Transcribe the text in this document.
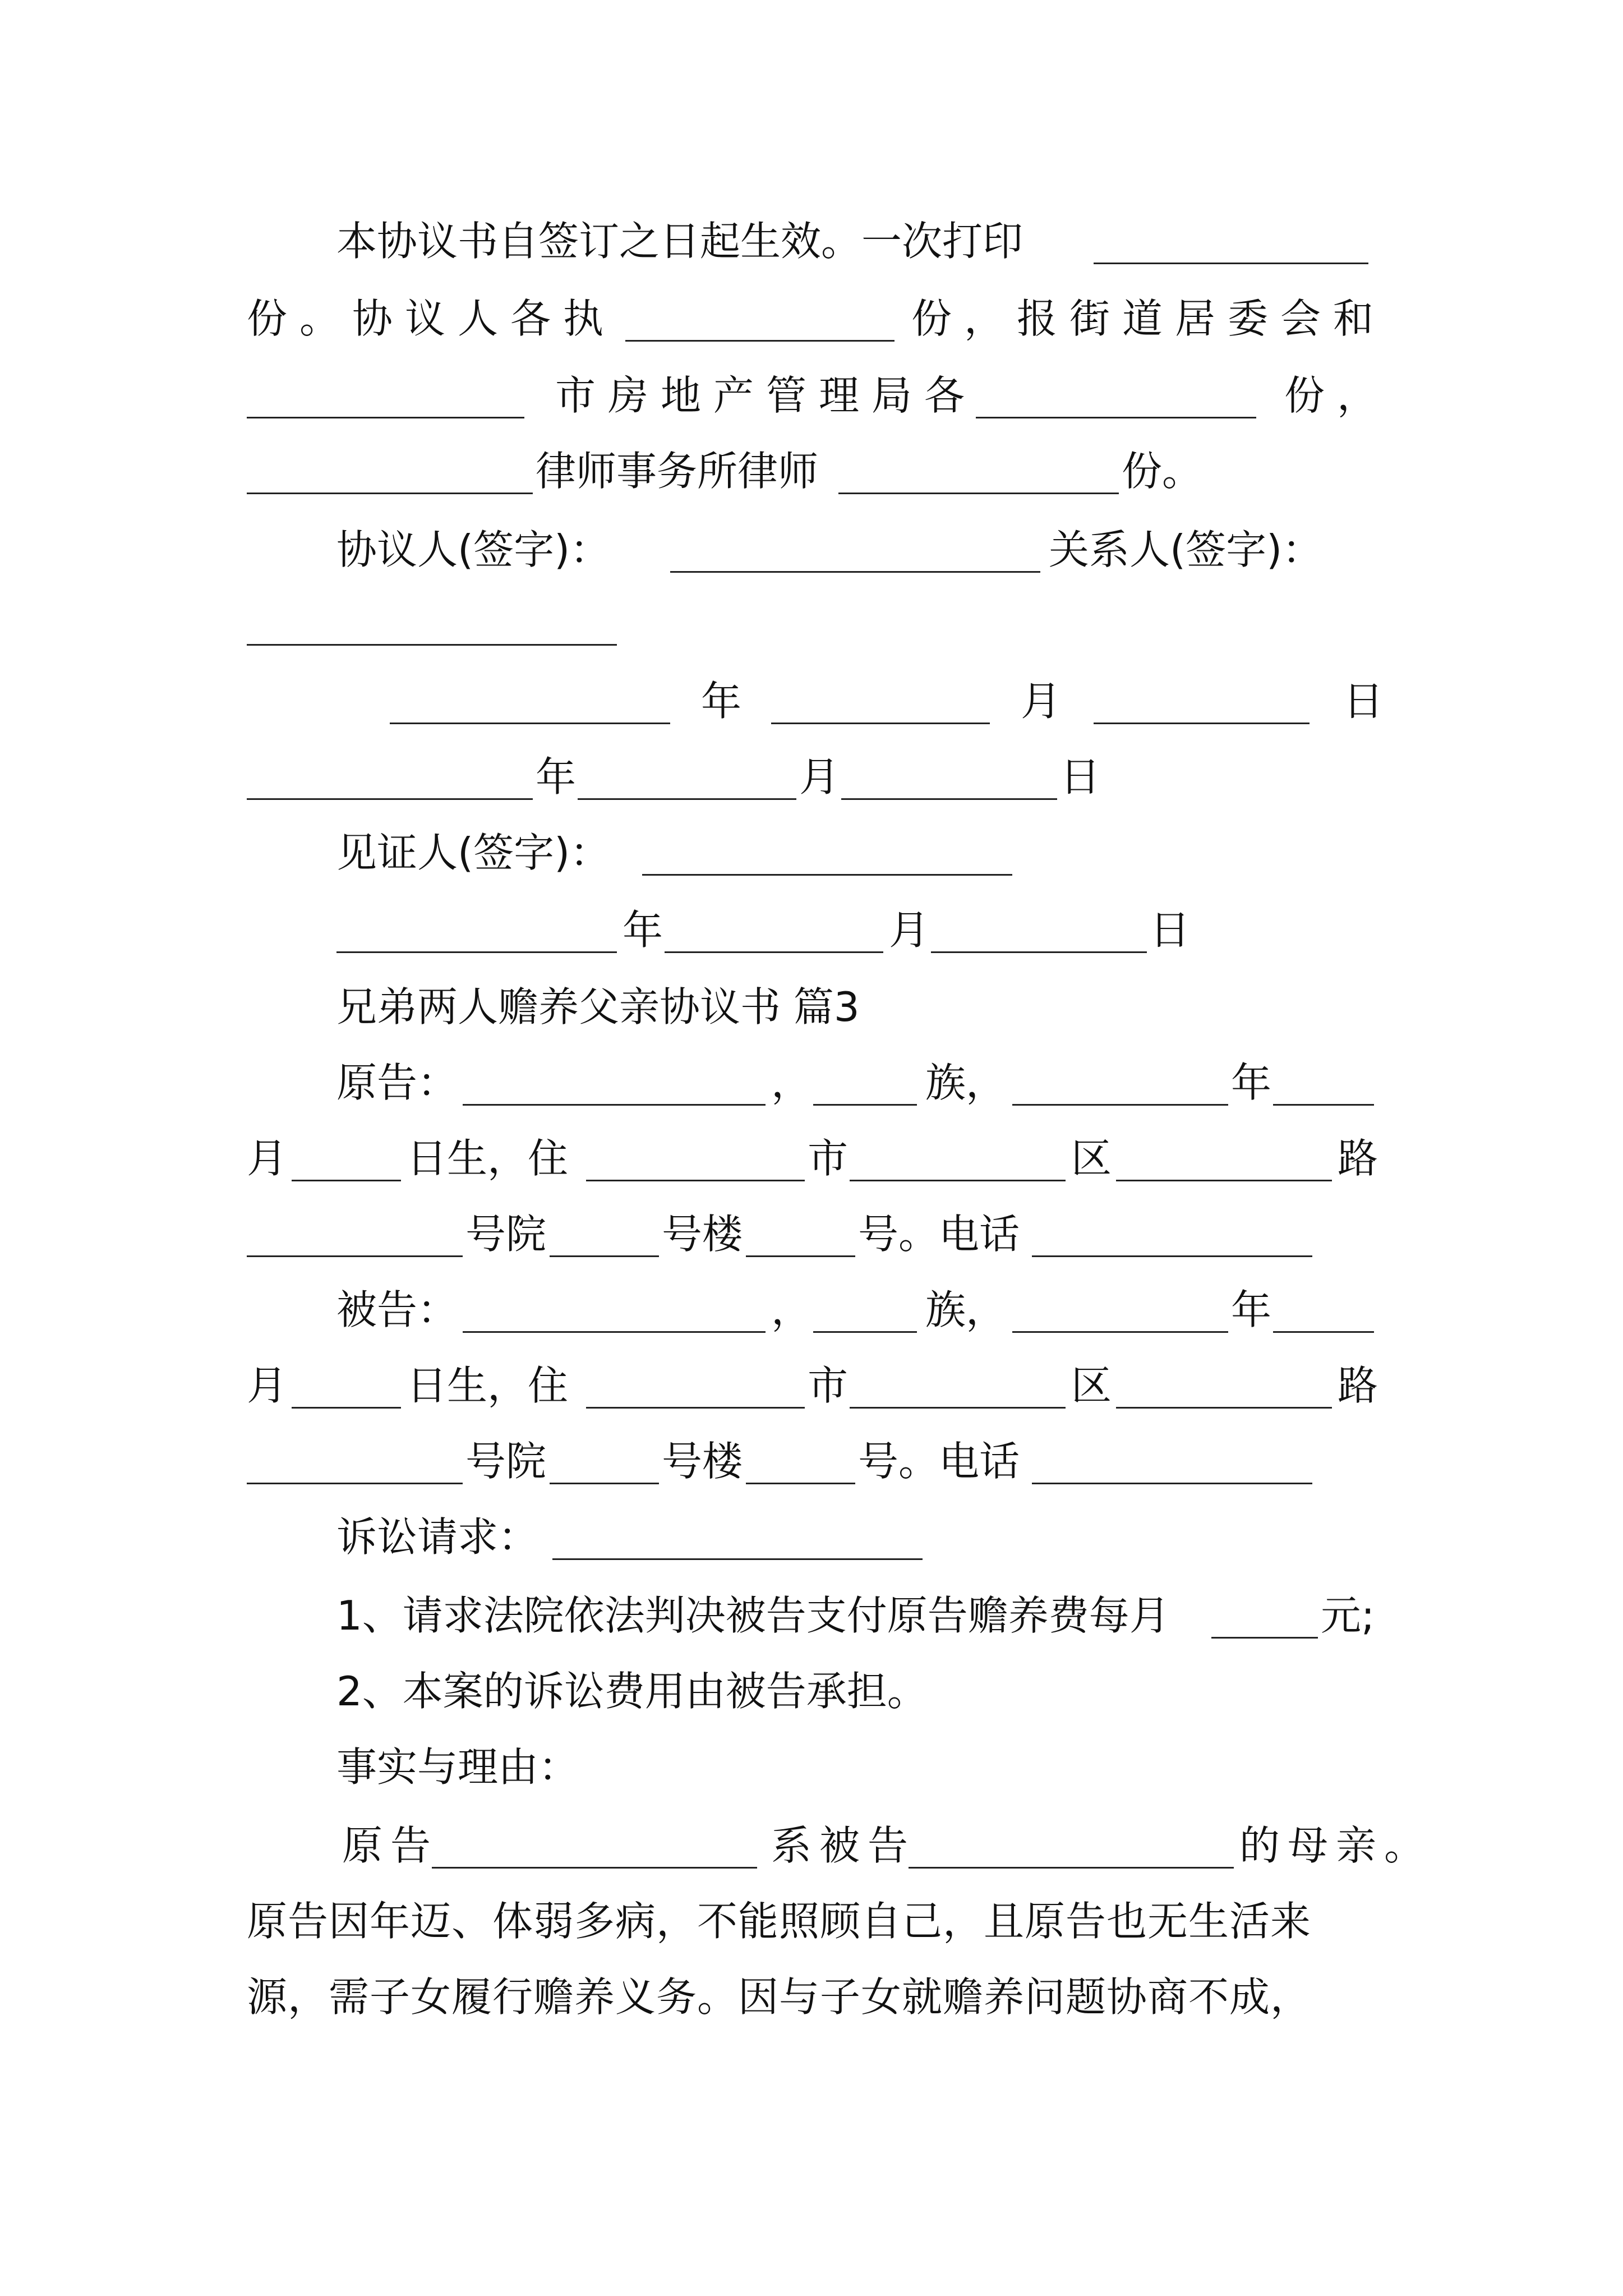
本协议书自签订之日起生效。一次打印
份。协议人各执	份，报街道居委会和
市房地产管理局各	份，
律师事务所律师	份。
协议人(签字)：	关系人(签字)：
年	月	日
年	月	日
见证人(签字)：
年	月	日
兄弟两人赡养父亲协议书 篇3
原告：	，	族，	年
月	日生，住	市	区	路
号院	号楼	号。电话
被告：	，	族，	年
月	日生，住	市	区	路
号院	号楼	号。电话
诉讼请求：
1、请求法院依法判决被告支付原告赡养费每月	元;
2、本案的诉讼费用由被告承担。
事实与理由：
原告	系被告	的母亲。
原告因年迈、体弱多病，不能照顾自己，且原告也无生活来
源，需子女履行赡养义务。因与子女就赡养问题协商不成，
